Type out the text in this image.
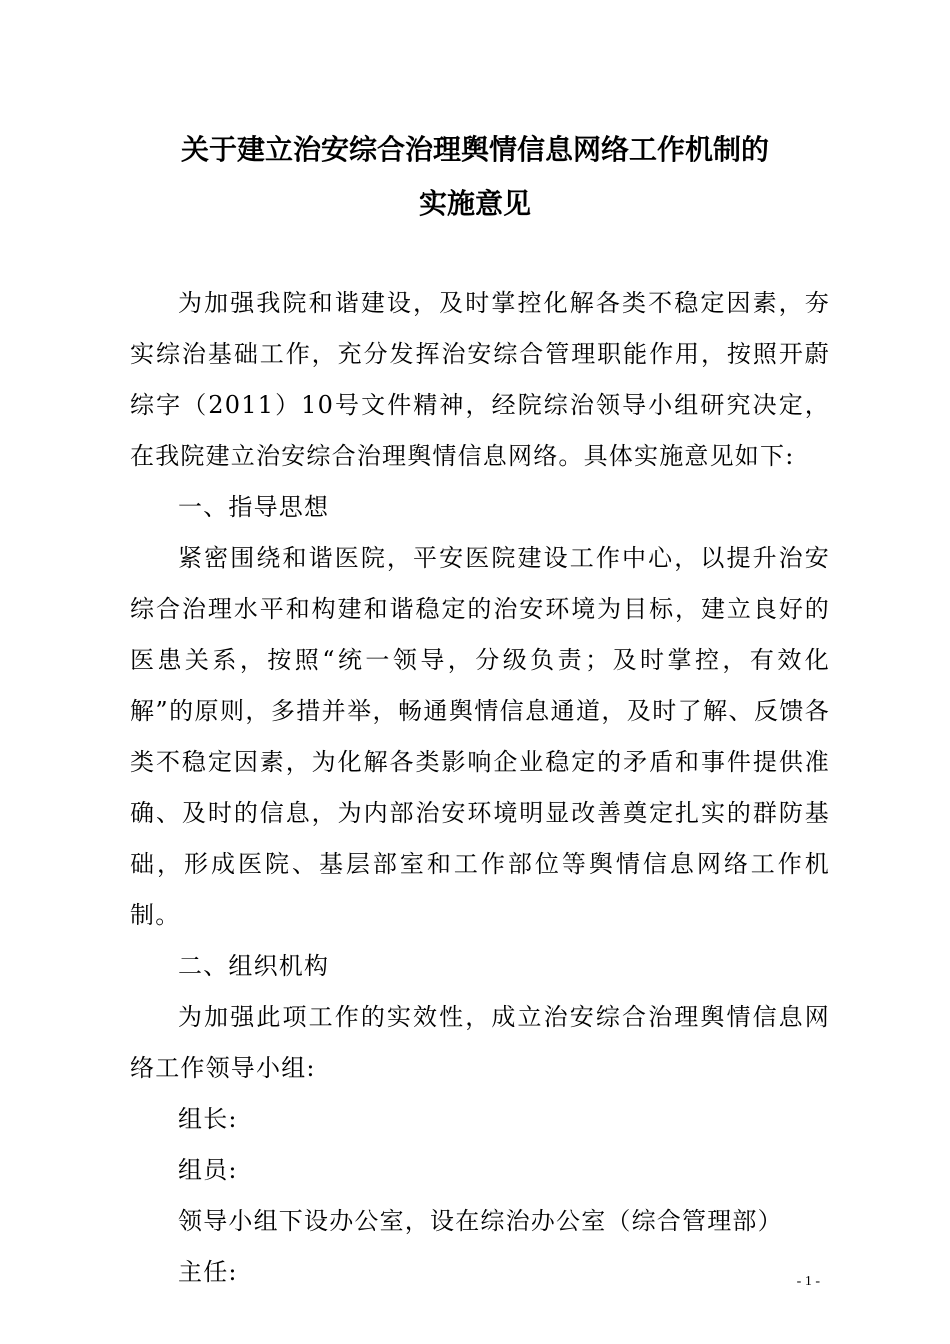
关于建立治安综合治理舆情信息网络工作机制的
实施意见

为加强我院和谐建设，及时掌控化解各类不稳定因素，夯实综治基础工作，充分发挥治安综合管理职能作用，按照开蔚综字（2011）10号文件精神，经院综治领导小组研究决定，在我院建立治安综合治理舆情信息网络。具体实施意见如下:

一、指导思想

紧密围绕和谐医院，平安医院建设工作中心，以提升治安综合治理水平和构建和谐稳定的治安环境为目标，建立良好的医患关系，按照“统一领导，分级负责；及时掌控，有效化解”的原则，多措并举，畅通舆情信息通道，及时了解、反馈各类不稳定因素，为化解各类影响企业稳定的矛盾和事件提供准确、及时的信息，为内部治安环境明显改善奠定扎实的群防基础，形成医院、基层部室和工作部位等舆情信息网络工作机制。

二、组织机构

为加强此项工作的实效性，成立治安综合治理舆情信息网络工作领导小组:

组长:

组员:

领导小组下设办公室，设在综治办公室（综合管理部）

主任:	- 1 -
